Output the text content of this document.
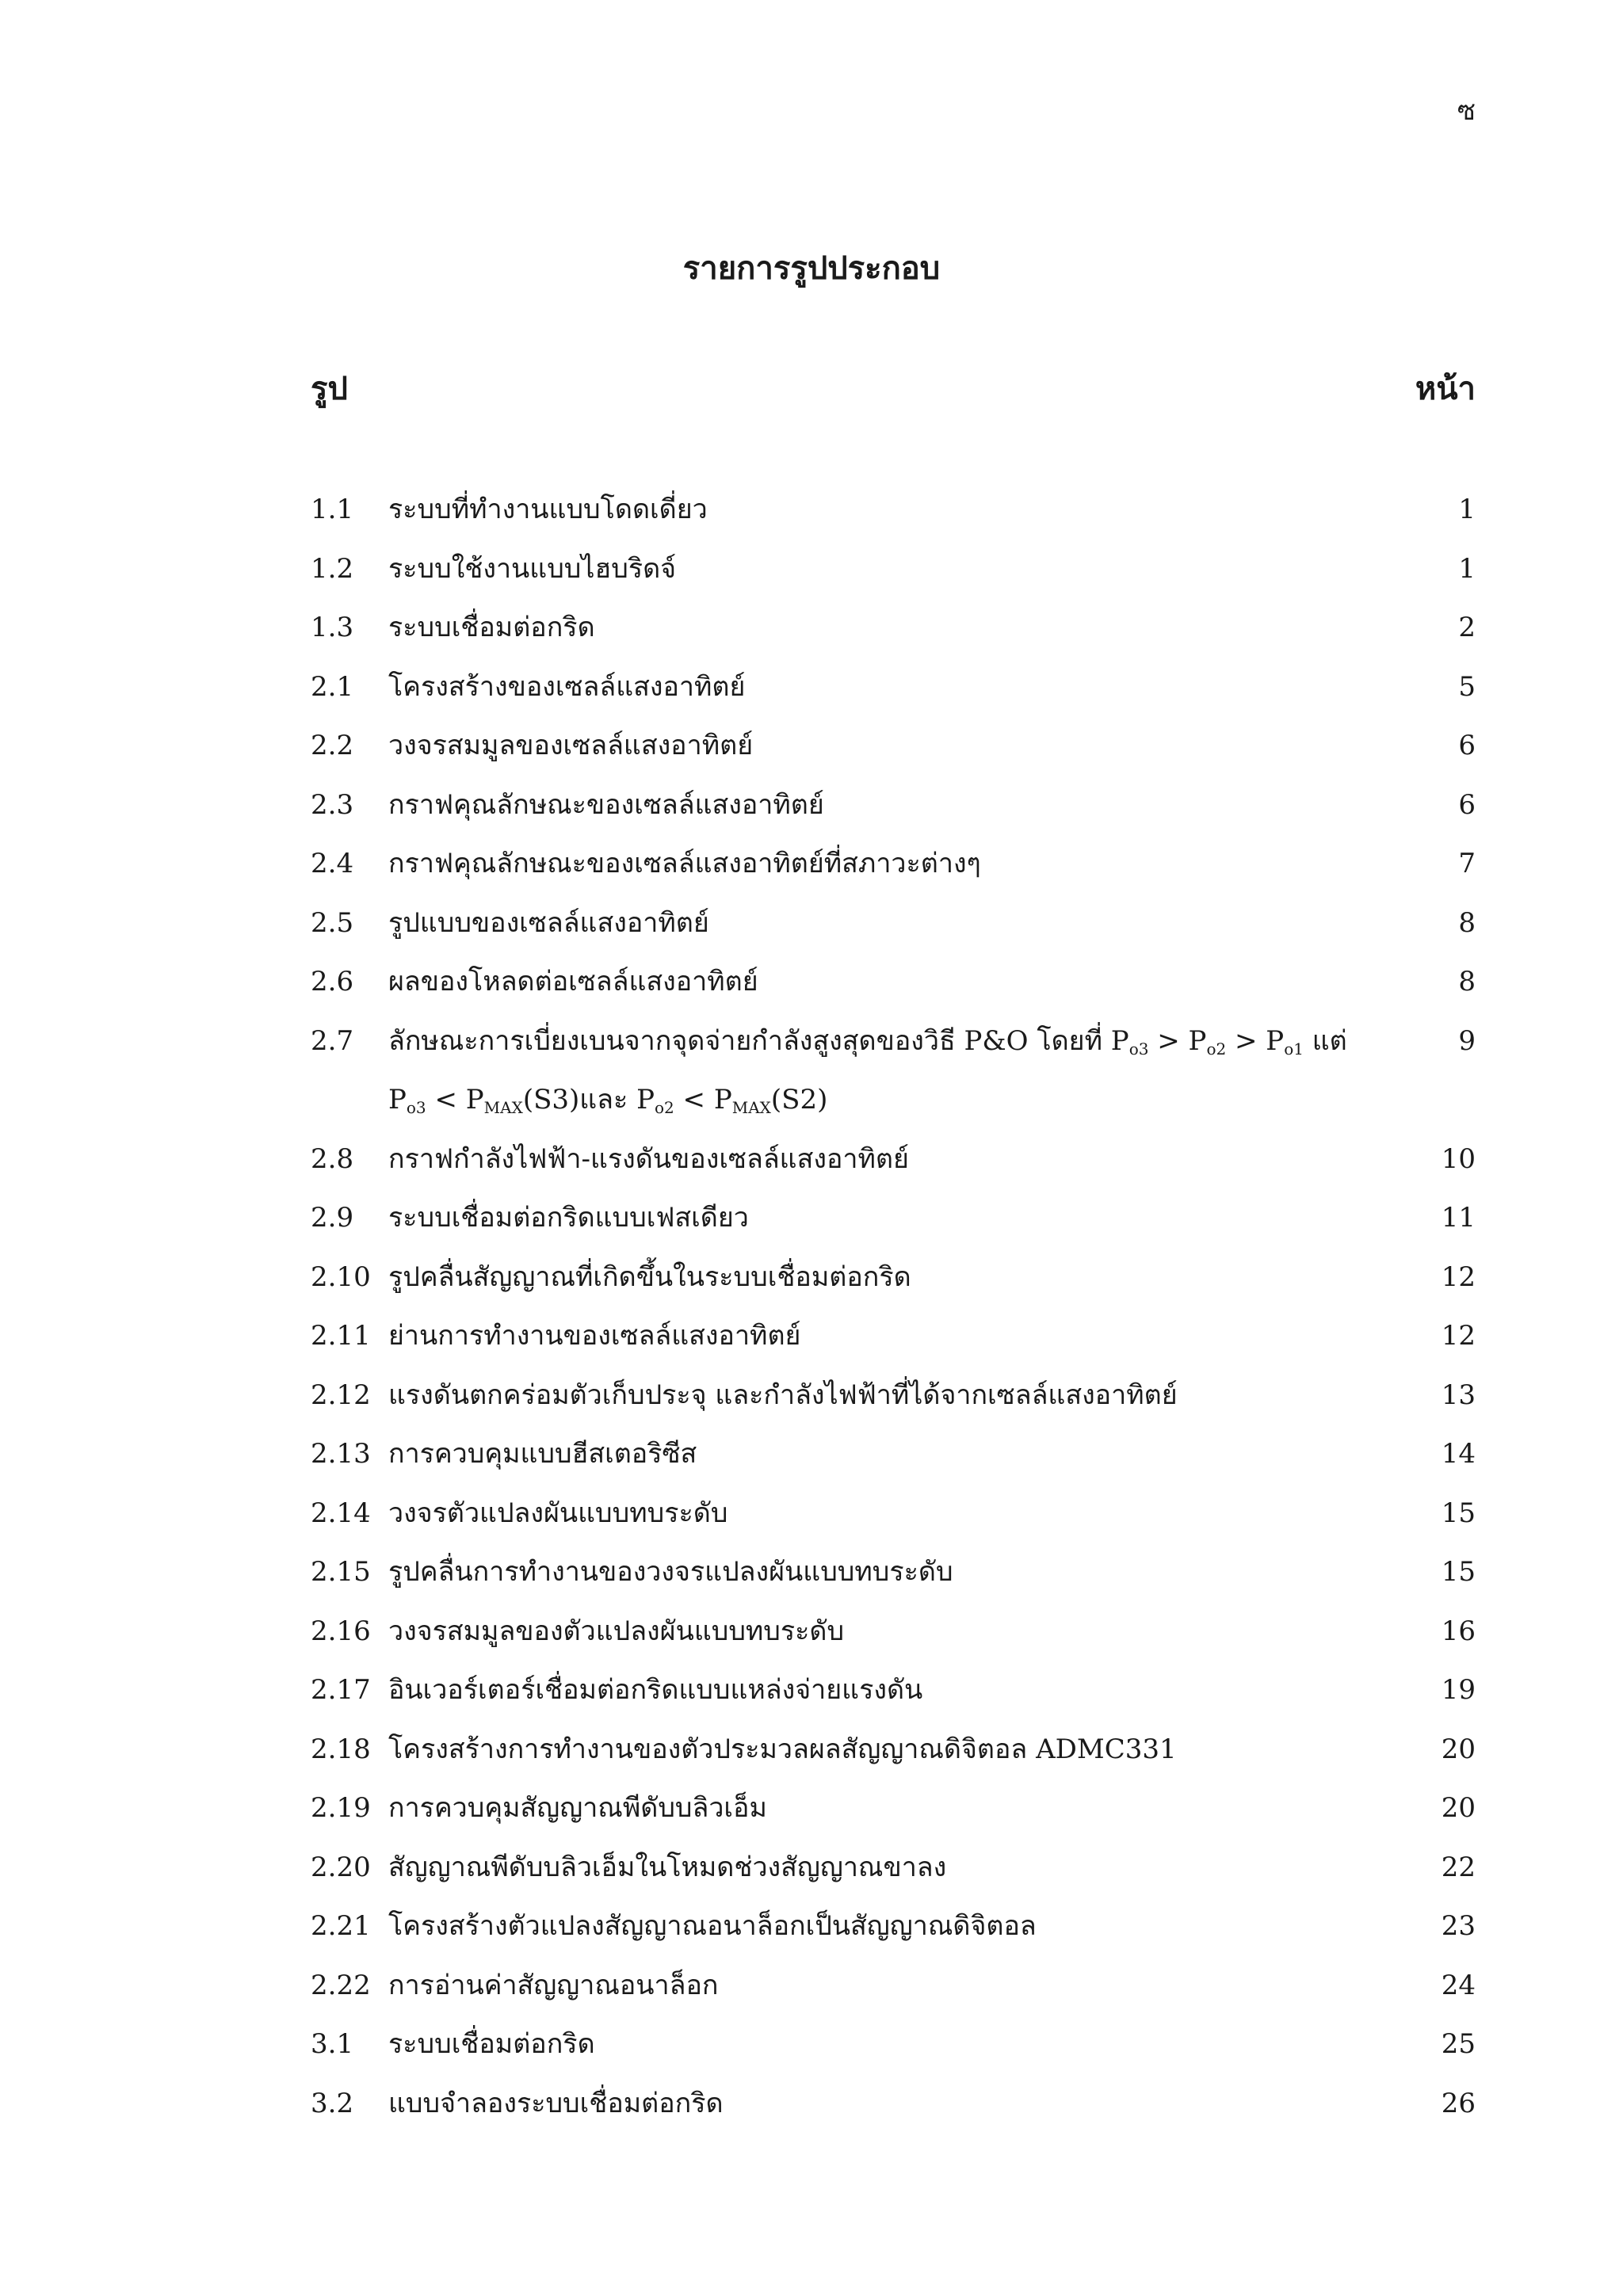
ซ
รายการรูปประกอบ
รูป	หน้า
1.1	ระบบที่ทำงานแบบโดดเดี่ยว	1
1.2	ระบบใช้งานแบบไฮบริดจ์	1
1.3	ระบบเชื่อมต่อกริด	2
2.1	โครงสร้างของเซลล์แสงอาทิตย์	5
2.2	วงจรสมมูลของเซลล์แสงอาทิตย์	6
2.3	กราฟคุณลักษณะของเซลล์แสงอาทิตย์	6
2.4	กราฟคุณลักษณะของเซลล์แสงอาทิตย์ที่สภาวะต่างๆ	7
2.5	รูปแบบของเซลล์แสงอาทิตย์	8
2.6	ผลของโหลดต่อเซลล์แสงอาทิตย์	8
2.7	ลักษณะการเบี่ยงเบนจากจุดจ่ายกำลังสูงสุดของวิธี P&O โดยที่ $P_{o3} > P_{o2} > P_{o1}$ แต่
$P_{o3} < P_{MAX}(S3)$และ $P_{o2} < P_{MAX}(S2)$
9
2.8	กราฟกำลังไฟฟ้า-แรงดันของเซลล์แสงอาทิตย์	10
2.9	ระบบเชื่อมต่อกริดแบบเฟสเดียว	11
2.10 รูปคลื่นสัญญาณที่เกิดขึ้นในระบบเชื่อมต่อกริด	12
2.11 ย่านการทำงานของเซลล์แสงอาทิตย์	12
2.12 แรงดันตกคร่อมตัวเก็บประจุ และกำลังไฟฟ้าที่ได้จากเซลล์แสงอาทิตย์	13
2.13 การควบคุมแบบฮีสเตอริซีส	14
2.14 วงจรตัวแปลงผันแบบทบระดับ	15
2.15 รูปคลื่นการทำงานของวงจรแปลงผันแบบทบระดับ	15
2.16 วงจรสมมูลของตัวแปลงผันแบบทบระดับ	16
2.17 อินเวอร์เตอร์เชื่อมต่อกริดแบบแหล่งจ่ายแรงดัน	19
2.18 โครงสร้างการทำงานของตัวประมวลผลสัญญาณดิจิตอล ADMC331	20
2.19 การควบคุมสัญญาณพีดับบลิวเอ็ม	20
2.20 สัญญาณพีดับบลิวเอ็มในโหมดช่วงสัญญาณขาลง	22
2.21 โครงสร้างตัวแปลงสัญญาณอนาล็อกเป็นสัญญาณดิจิตอล	23
2.22 การอ่านค่าสัญญาณอนาล็อก	24
3.1	ระบบเชื่อมต่อกริด	25
3.2	แบบจำลองระบบเชื่อมต่อกริด	26
